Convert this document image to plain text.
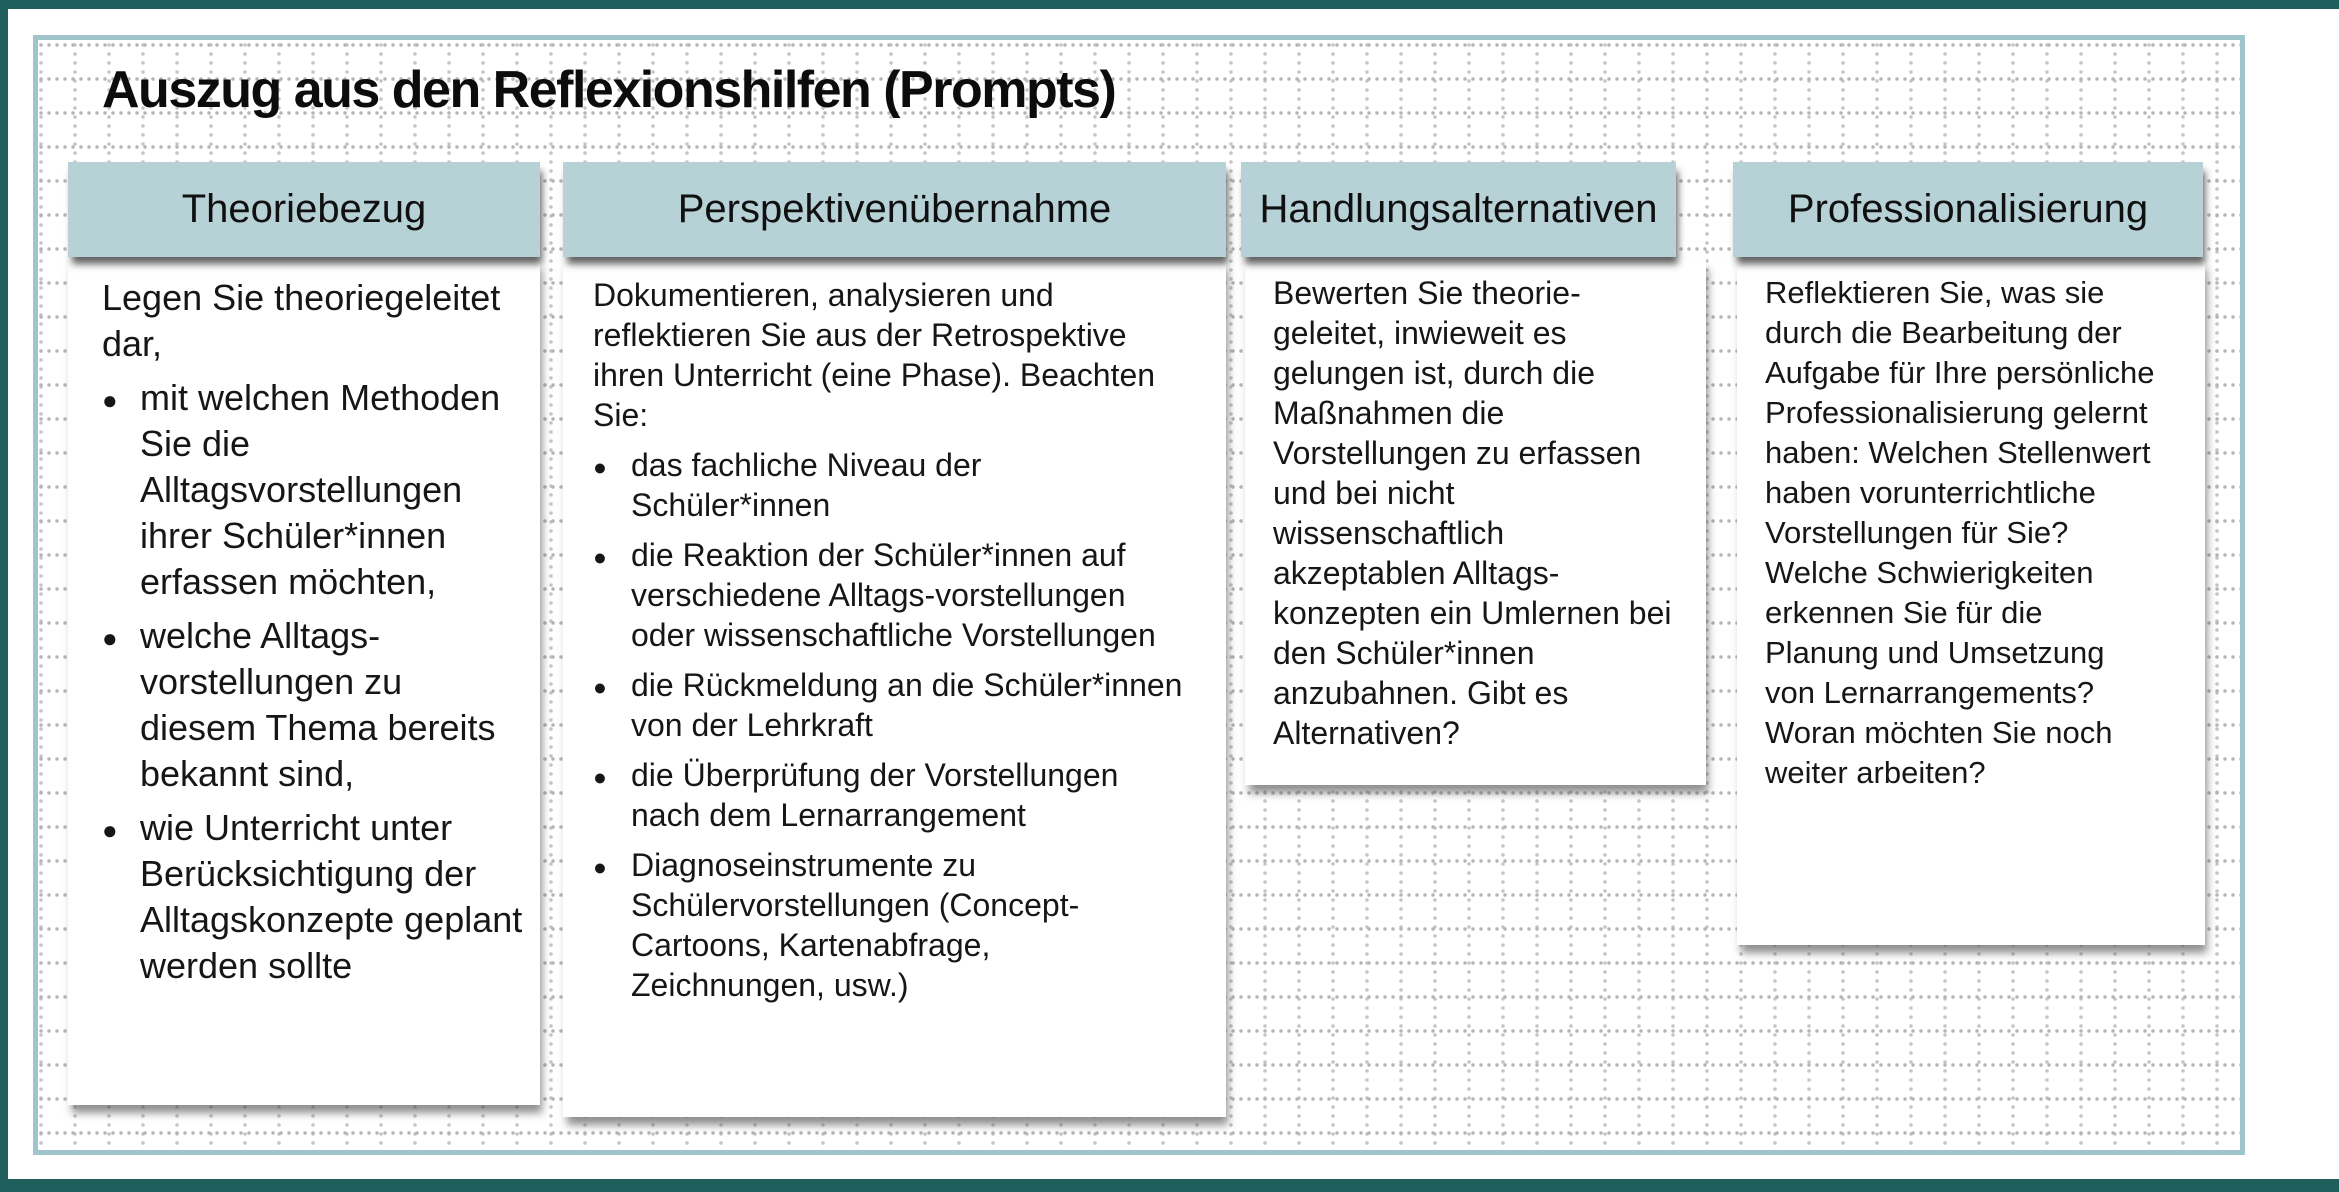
Auszug aus den Reflexionshilfen (Prompts)
Theoriebezug

Legen Sie theoriegeleitet dar,

●
mit welchen Methoden Sie die Alltagsvorstellungen ihrer Schüler*innen erfassen möchten,
●
welche Alltags-vorstellungen zu diesem Thema bereits bekannt sind,
●
wie Unterricht unter Berücksichtigung der Alltagskonzepte geplant werden sollte
Perspektivenübernahme

Dokumentieren, analysieren und reflektieren Sie aus der Retrospektive ihren Unterricht (eine Phase). Beachten Sie:

●
das fachliche Niveau der Schüler*innen
●
die Reaktion der Schüler*innen auf verschiedene Alltags-vorstellungen oder wissenschaftliche Vorstellungen
●
die Rückmeldung an die Schüler*innen von der Lehrkraft
●
die Überprüfung der Vorstellungen nach dem Lernarrangement
●
Diagnoseinstrumente zu Schülervorstellungen (Concept-Cartoons, Kartenabfrage, Zeichnungen, usw.)
Handlungsalternativen

Bewerten Sie theorie-geleitet, inwieweit es gelungen ist, durch die Maßnahmen die Vorstellungen zu erfassen und bei nicht wissenschaftlich akzeptablen Alltags-konzepten ein Umlernen bei den Schüler*innen anzubahnen. Gibt es Alternativen?

Professionalisierung

Reflektieren Sie, was sie durch die Bearbeitung der Aufgabe für Ihre persönliche Professionalisierung gelernt haben: Welchen Stellenwert haben vorunterrichtliche Vorstellungen für Sie? Welche Schwierigkeiten erkennen Sie für die Planung und Umsetzung von Lernarrangements? Woran möchten Sie noch weiter arbeiten?
